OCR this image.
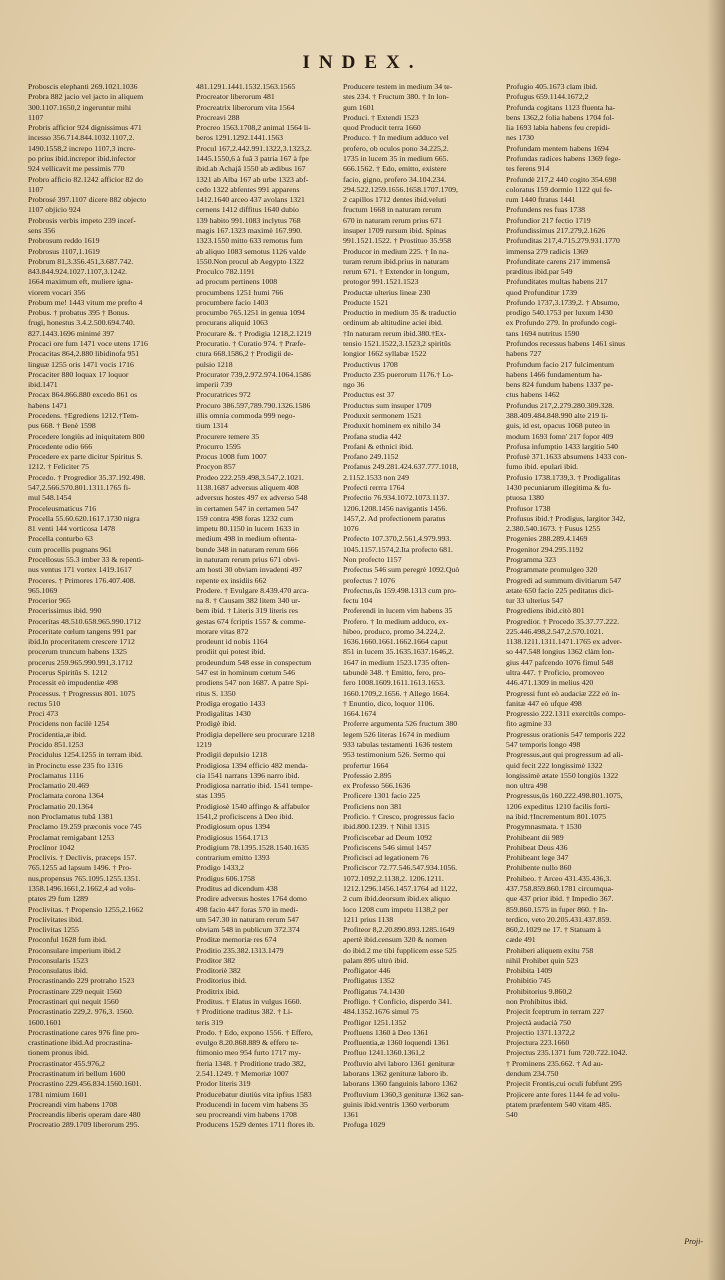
INDEX.
Proboscis elephanti 269.1021.1036
Probra 882 jacio vel jacto in aliquem
300.1107.1650,2 ingeruntur mihi
1107
Probris afficior 924 dignissimus 471
incesso 356.714.844.1032.1107,2.
1490.1558,2 increpo 1107,3 incre-
po prius ibid.increpor ibid.infector
924 vellicavit me pessimis 770
Probro afficio 82.1242 afficior 82 do
1107
Probrosé 397.1107 dicere 882 objecto
1107 objicio 924
Probrosis verbis impeto 239 incef-
sens 356
Probrosum reddo 1619
Probrosus 1107,1.1619
Probrum 81,3.356.451,3.687.742.
843.844.924.1027.1107,3.1242.
1664 maximum eft, muliere igna-
viorem vocari 356
Probum me! 1443 vitum me prefto 4
Probus. † probatus 395 † Bonus.
frugi, honestus 3.4.2.500.694.740.
827.1443.1696 minimé 397
Procaci ore fum 1471 voce utens 1716
Procacitas 864,2.880 libidinofa 951
linguæ 1255 oris 1471 vocis 1716
Procaciter 880 loquax 17 loquor
ibid.1471
Procax 864.866.880 excedo 861 os
habens 1471
Procedens. †Egrediens 1212.†Tem-
pus 668. † Benè 1598
Procedere longiùs ad iniquitatem 800
Procedente odio 666
Procedere ex parte dicitur Spiritus S.
1212. † Feliciter 75
Procedo. † Progredior 35.37.192.498.
547,2.566.570.801.1311.1765 fi-
mul 548.1454
Proceleusmaticus 716
Procella 55.60.620.1617.1730 nigra
81 venti 144 vorticosa 1478
Procella conturbo 63
cum procellis pugnans 961
Procellosus 55.3 imber 33 & repenti-
nus ventus 171 vortex 1419.1617
Proceres. † Primores 176.407.408.
965.1069
Procerior 965
Procerissimus ibid. 990
Proceritas 48.510.658.965.990.1712
Proceritate cœlum tangens 991 par
ibid.In proceritatem crescere 1712
procerum truncum habens 1325
procerus 259.965.990.991,3.1712
Procerus Spiritûs S. 1212
Processit eò impudentiæ 498
Processus. † Progressus 801. 1075
rectus 510
Proci 473
Procidens non facilè 1254
Procidentia,æ ibid.
Procido 851.1253
Procidulus 1254.1255 in terram ibid.
in Procinctu esse 235 fto 1316
Proclamatus 1116
Proclamatio 20.469
Proclamata corona 1364
Proclamatio 20.1364
non Proclamatus tubâ 1381
Proclamo 19.259 præconis voce 745
Proclamat remigabant 1253
Proclinor 1042
Proclivis. † Declivis, præceps 157.
765.1255 ad lapsum 1496. † Pro-
nus,propensus 765.1095.1255.1351.
1358.1496.1661,2.1662,4 ad volu-
ptates 29 fum 1289
Proclivitas. † Propensio 1255,2.1662
Proclivitates ibid.
Proclivitas 1255
Proconful 1628 fum ibid.
Proconsulare imperium ibid.2
Proconsularis 1523
Proconsulatus ibid.
Procrastinando 229 protraho 1523
Procrastinare 229 nequit 1560
Procrastinari qui nequit 1560
Procrastinatio 229,2. 976,3. 1560.
1600.1601
Procrastinatione cares 976 fine pro-
crastinatione ibid.Ad procrastina-
tionem pronus ibid.
Procrastinator 455.976,2
Procrastinatum iri bellum 1600
Procrastino 229.456.834.1560.1601.
1781 nimium 1601
Procreandi vim habens 1708
Procreandis liberis operam dare 480
Procreatio 289.1709 liberorum 295.
481.1291.1441.1532.1563.1565
Procreator liberorum 481
Procreatrix liberorum vita 1564
Procreavi 288
Procreo 1563.1708,2 animal 1564 li-
beros 1291.1292.1441.1563
Procul 167,2.442.991.1322,3.1323,2.
1445.1550,6 à fuâ 3 patria 167 à fpe
ibid.ab Achajâ 1550 ab ædibus 167
1321 ab Alba 167 ab urbe 1323 abf-
cedo 1322 abfentes 991 apparens
1412.1640 arceo 437 avolans 1321
cernens 1412 diffitus 1640 dubio
139 habito 991.1083 inclytus 768
magis 167.1323 maximè 167.990.
1323.1550 mitto 633 remotus fum
ab aliquo 1083 semotus 1126 valde
1550.Non procul ab Aegypto 1322
Proculco 782.1191
ad procum pertinens 1008
procumbens 1251 humi 766
procumbere facio 1403
procumbo 765.1251 in genua 1094
procurans aliquid 1063
Procurare &. † Prodigia 1218,2.1219
Procuratio. † Curatio 974. † Præfe-
ctura 668.1586,2 † Prodigii de-
pulsio 1218
Procurator 739,2.972.974.1064.1586
imperii 739
Procuratrices 972
Procuro 386.597,789.790.1326.1586
illis omnia commoda 999 nego-
tium 1314
Procurere temere 35
Procurro 1595
Procus 1008 fum 1007
Procyon 857
Prodeo 222.259.498,3.547,2.1021.
1138.1687 adversus aliquem 408
adversus hostes 497 ex adverso 548
in certamen 547 in certamen 547
159 contra 498 foras 1232 cum
impetu 80.1150 in lucem 1633 in
medium 498 in medium oftenta-
bunde 348 in naturam rerum 666
in naturam rerum prius 671 obvi-
am hosti 30 obviam invadenti 497
repente ex insidiis 662
Prodere. † Evulgare 8.439.470 arca-
na 8. † Causam 382 litem 340 ur-
bem ibid. † Literis 319 literis res
gestas 674 fcriptis 1557 & comme-
morare vitas 872
prodeunt id nobis 1164
prodiit qui potest ibid.
prodeundum 548 esse in conspectum
547 est in hominum cœtum 546
prodiens 547 non 1687. A patre Spi-
ritus S. 1350
Prodiga erogatio 1433
Prodigalitas 1430
Prodigè ibid.
Prodigia depellere seu procurare 1218
1219
Prodigii depulsio 1218
Prodigiosa 1394 efficio 482 menda-
cia 1541 narrans 1396 narro ibid.
Prodigiosa narratio ibid. 1541 tempe-
stas 1395
Prodigiosè 1540 affingo & affabulor
1541,2 proficiscens à Deo ibid.
Prodigiosum opus 1394
Prodigiosus 1564.1713
Prodigium 78.1395.1528.1540.1635
contrarium emitto 1393
Prodigo 1433,2
Prodigus 606.1758
Proditus ad dicendum 438
Prodire adversus hostes 1764 domo
498 facio 447 foras 570 in medi-
um 547.30 in naturam rerum 547
obviam 548 in publicum 372.374
Proditæ memoriæ res 674
Proditio 235.382.1313.1479
Proditor 382
Proditoriè 382
Proditorius ibid.
Proditrix ibid.
Proditus. † Elatus in vulgus 1660.
† Proditione traditus 382. † Li-
teris 319
Prodo. † Edo, expono 1556. † Effero,
evulgo 8.20.868.889 & effero te-
ftimonio meo 954 furto 1717 my-
fteria 1348. † Proditione trado 382,
2.541.1249. † Memoriæ 1007
Prodor literis 319
Producebatur diutiùs vita ipfius 1583
Producendi in lucem vim habens 35
seu procreandi vim habens 1708
Producens 1529 dentes 1711 flores ib.
Producere testem in medium 34 te-
stes 234. † Fructum 380. † In lon-
gum 1601
Produci. † Extendi 1523
quod Producit terra 1660
Produco. † In medium adduco vel
profero, ob oculos pono 34.225,2.
1735 in lucem 35 in medium 665.
666.1562. † Edo, emitto, existere
facio, gigno, profero 34.104.234.
294.522.1259.1656.1658.1707.1709,
2 capillos 1712 dentes ibid.veluti
fructum 1668 in naturam rerum
670 in naturam rerum prius 671
insuper 1709 rursum ibid. Spinas
991.1521.1522. † Prostituo 35.958
Producor in medium 225. † In na-
turam rerum ibid.prius in naturam
rerum 671. † Extendor in longum,
protogor 991.1521.1523
Productæ ulterius lineæ 230
Producte 1521
Productio in medium 35 & traductio
ordinum ab altitudine aciei ibid.
†In naturam rerum ibid.380.†Ex-
tensio 1521.1522,3.1523,2 spiritûs
longior 1662 syllabæ 1522
Productivus 1708
Producto 235 puerorum 1176.† Lo-
ngo 36
Productus est 37
Productus sum insuper 1709
Produxit sermonem 1521
Produxit hominem ex nihilo 34
Profana studia 442
Profani & ethnici ibid.
Profano 249.1152
Profanus 249.281.424.637.777.1018,
2.1152.1533 non 249
Profecti rerrra 1764
Profectio 76.934.1072.1073.1137.
1206.1208.1456 navigantis 1456.
1457,2. Ad profectionem paratus
1076
Profecto 107.370,2.561,4.979.993.
1045.1157.1574,2.Ita profecto 681.
Non profecto 1157
Profectus 546 sum peregrè 1092.Quò
profectus ? 1076
Profectus,ûs 159.498.1313 cum pro-
fectu 104
Proferendi in lucem vim habens 35
Profero. † In medium adduco, ex-
hibeo, produco, promo 34.224,2.
1636.1660.1661.1662.1664 caput
851 in lucem 35.1635.1637.1646,2.
1647 in medium 1523.1735 often-
tabundè 348. † Emitto, fero, pro-
fero 1008.1609.1611.1613.1653.
1660.1709,2.1656. † Allego 1664.
† Enuntio, dico, loquor 1106.
1664.1674
Proferre argumenta 526 fructum 380
legem 526 literas 1674 in medium
933 tabulas testamenti 1636 testem
953 testimonium 526. Sermo qui
profertur 1664
Professio 2.895
ex Professo 566.1636
Proficere 1301 facio 225
Proficiens non 381
Proficio. † Cresco, progressus facio
ibid.800.1239. † Nihil 1315
Proficiscebar ad Deum 1092
Proficiscens 546 simul 1457
Proficisci ad legationem 76
Proficiscor 72.77.546.547.934.1056.
1072.1092,2.1138,2. 1206.1211.
1212.1296.1456.1457.1764 ad 1122,
2 cum ibid.deorsum ibid.ex aliquo
loco 1208 cum impetu 1138,2 per
1211 prius 1138
Profiteor 8,2.20.890.893.1285.1649
apertè ibid.censum 320 & nomen
do ibid.2 me tibi fupplicem esse 525
palam 895 ultrò ibid.
Profligator 446
Profligatus 1352
Profligatus 74.1430
Profligo. † Conficio, disperdo 341.
484.1352.1676 simul 75
Profligor 1251.1352
Profluens 1360 à Deo 1361
Profluentia,æ 1360 loquendi 1361
Profluo 1241.1360.1361,2
Profluvio alvi laboro 1361 genituræ
laborans 1362 genituræ laboro ib.
laborans 1360 fanguinis laboro 1362
Profluvium 1360,3 genituræ 1362 san-
guinis ibid.ventris 1360 verborum
1361
Profuga 1029
Profugio 405.1673 clam ibid.
Profugus 659.1144.1672,2
Profunda cogitans 1123 fluenta ha-
bens 1362,2 folia habens 1704 fol-
lia 1693 labia habens feu crepidi-
nes 1730
Profundam mentem habens 1694
Profundas radices habens 1369 fege-
tes ferens 914
Profundè 217,2 440 cogito 354.698
coloratus 159 dormio 1122 qui fe-
rum 1440 ftratus 1441
Profundens res fuas 1738
Profundior 217 fectio 1719
Profundissimus 217.279,2.1626
Profunditas 217,4.715.279.931.1770
immensa 279 radicis 1369
Profunditate carens 217 immensâ
præditus ibid.par 549
Profunditates multas habens 217
quod Profunditur 1739
Profundo 1737,3.1739,2. † Absumo,
prodigo 540.1753 per luxum 1430
ex Profundo 279. In profundo cogi-
tans 1694 nutritus 1590
Profundos recessus habens 1461 sinus
habens 727
Profundum facio 217 fulcimentum
habens 1466 fundamentum ha-
bens 824 fundum habens 1337 pe-
ctus habens 1462
Profundus 217,2.279.280.309.328.
388.409.484.848.990 alte 219 li-
guis, id est, opacus 1068 puteo in
modum 1693 fomn' 217 fopor 409
Profusa infumptio 1433 largitio 540
Profusè 371.1633 absumens 1433 con-
fumo ibid. epulari ibid.
Profusio 1738.1739,3. † Prodigalitas
1430 pecuniarum illegitima & fu-
ptuosa 1380
Profusor 1738
Profusus ibid.† Prodigus, largitor 342,
2.380.540.1673. † Fusus 1255
Progenies 288.289.4.1469
Progenitor 294.295.1192
Programma 323
Programmate promulgeo 320
Progredi ad summum divitiarum 547
ætate 650 facio 225 peditatus dici-
tur 33 ulterius 547
Progrediens ibid.citò 801
Progredior. † Procedo 35.37.77.222.
225.446.498,2.547,2.570.1021.
1138.1211.1311.1471.1765 ex adver-
so 447.548 longius 1362 clàm lon-
gius 447 pafcendo 1076 fimul 548
ultra 447. † Proficio, promoveo
446.471.1309 in melius 420
Progressi funt eò audaciæ 222 eò in-
fanitæ 447 eò ufque 498
Progressio 222.1311 exercitûs compo-
fito agmine 33
Progressus orationis 547 temporis 222
547 temporis longo 498
Progressus,aut qui progressum ad ali-
quid fecit 222 longissimè 1322
longissimè ætate 1550 longiùs 1322
non ultra 498
Progressus,ûs 160.222.498.801.1075,
1206 expeditus 1210 facilis forti-
na ibid.†Incrementum 801.1075
Progymnasmata. † 1530
Prohibeant dii 989
Prohibeat Deus 436
Prohibeant lege 347
Prohibente nullo 860
Prohibeo. † Arceo 431.435.436,3.
437.758.859.860.1781 circumqua-
que 437 prior ibid. † Impedio 367.
859.860.1575 in fuper 860. † In-
terdico, veto 20.205.431.437.859.
860,2.1029 ne 17. † Statuam à
cæde 491
Prohiberi aliquem exitu 758
nihil Prohibet quin 523
Prohibita 1409
Prohibitio 745
Prohibitorius 9.860,2
non Prohibitus ibid.
Projecit fceptrum in terram 227
Projectà audacià 750
Projectio 1371.1372,2
Projectura 223.1660
Projectus 235.1371 fum 720.722.1042.
† Prominens 235.662. † Ad au-
dendum 234.750
Projecit Frontis,cui oculi fubfunt 295
Projicere ante fores 1144 fe ad volu-
ptatem præfentem 540 vitam 485.
540
Proji-
